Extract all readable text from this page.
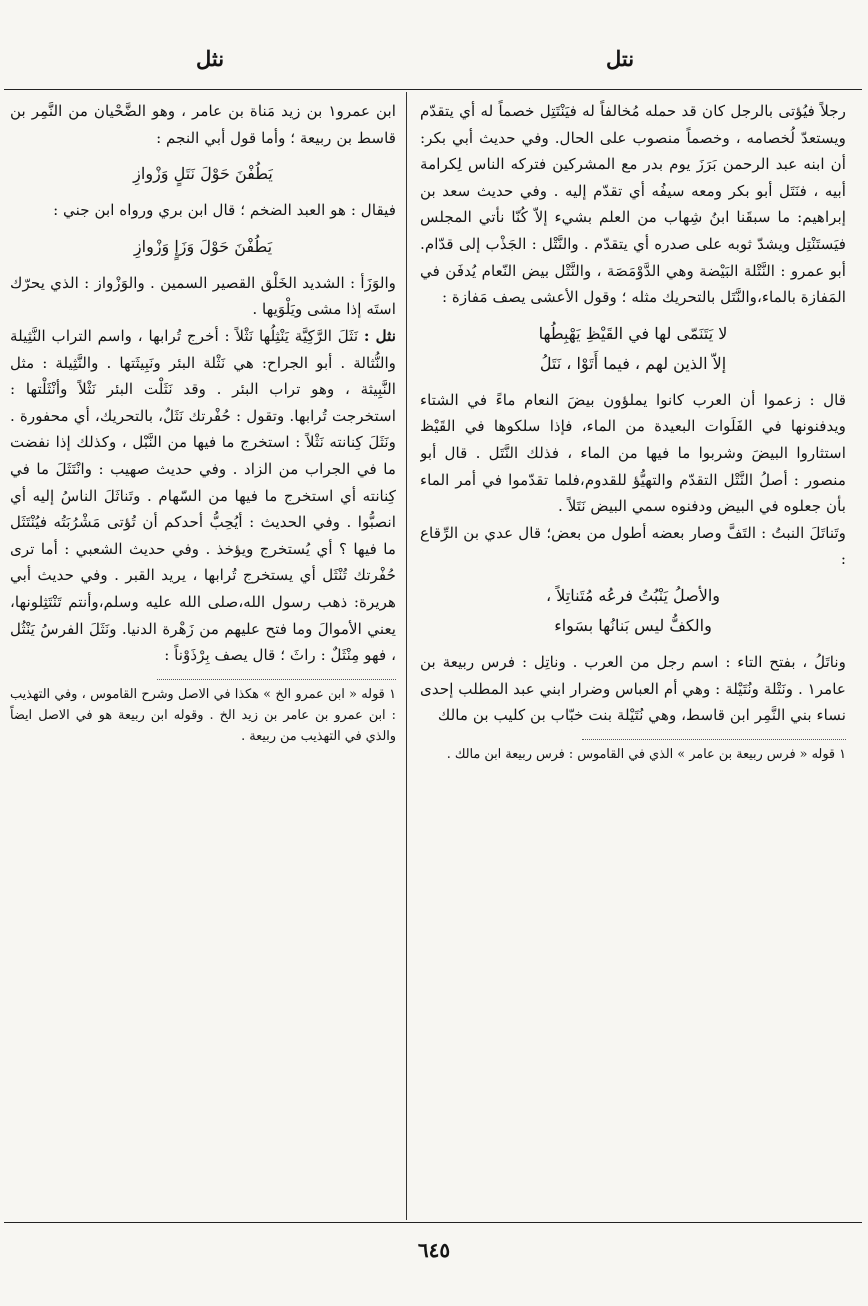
نتل
نثل

رجلاً فيُؤتى بالرجل كان قد حمله مُخالفاً له فيَنْتَتِل خصماً له أي يتقدّم ويستعدّ لُخصامه ، وخصماً منصوب على الحال. وفي حديث أبي بكر: أن ابنه عبد الرحمن بَرَزَ يوم بدر مع المشركين فتركه الناس لِكرامة أبيه ، فنَتَل أبو بكر ومعه سيفُه أي تقدّم إليه . وفي حديث سعد بن إبراهيم: ما سبقَنا ابنُ شِهاب من العلم بشيء إلاّ كُنّا نأتي المجلس فيَستَنْتِل ويشدّ ثوبه على صدره أي يتقدّم . والنَّتْل : الجَذْب إلى قدّام. أبو عمرو : النَّتْلة البَيْضة وهي الدَّوْمَصَة ، والنَّتْل بيض النّعام يُدفَن في المَفازة بالماء،والنَّتَل بالتحريك مثله ؛ وقول الأعشى يصف مَفازة :

لا يَتَنَمّى لها في القَيْظِ يَهْبِطُها
إلاّ الذين لهم ، فيما أَتَوْا ، نَتَلُ

قال : زعموا أن العرب كانوا يملؤون بيضَ النعام ماءً في الشتاء ويدفنونها في الفَلَوات البعيدة من الماء، فإذا سلكوها في القَيْظ استثاروا البيضَ وشربوا ما فيها من الماء ، فذلك النَّتَل . قال أبو منصور : أصلُ النَّتْل التقدّم والتهيُّؤ للقدوم،فلما تقدّموا في أمر الماء بأن جعلوه في البيض ودفنوه سمي البيض نَتَلاً .

وتَناتَلَ النبتُ : التَفَّ وصار بعضه أطول من بعض؛ قال عدي بن الرِّقاع :

والأصلُ يَنْبُتُ فرعُه مُتَناتِلاً ،
والكفُّ ليس بَنانُها بسَواء

وناتَلُ ، بفتح التاء : اسم رجل من العرب . وناتِل : فرس ربيعة بن عامر١ . ونَتْلة ونُتَيْلة : وهي أم العباس وضرار ابني عبد المطلب إحدى نساء بني النَّمِر ابن قاسط، وهي نُتَيْلة بنت خبّاب بن كليب بن مالك

١ قوله « فرس ربيعة بن عامر » الذي في القاموس : فرس ربيعة ابن مالك .

ابن عمرو١ بن زيد مَناة بن عامر ، وهو الضَّحْيان من النَّمِر بن قاسط بن ربيعة ؛ وأما قول أبي النجم :

يَطُفْنَ حَوْلَ نَتَلٍ وَزْوازِ

فيقال : هو العبد الضخم ؛ قال ابن بري ورواه ابن جني :

يَطُفْنَ حَوْلَ وَزَإٍ وَزْوازِ

والوَزَأ : الشديد الخَلْق القصير السمين . والوَزْواز : الذي يحرّك استَه إذا مشى ويَلْوَيها .

نثل : نَثَلَ الرَّكِيَّة يَنْثِلُها نَثْلاً : أخرج تُرابها ، واسم التراب النَّثِيلة والنُّثالة . أبو الجراح: هي نَثْلة البئر ونَبِيثَتها . والنَّثِيلة : مثل النَّبِيثة ، وهو تراب البئر . وقد نَثَلْت البئر نَثْلاً وأنْثَلْتها : استخرجت تُرابها. وتقول : حُفْرتك نَثَلٌ، بالتحريك، أي محفورة . ونَثَلَ كِنانته نَثْلاً : استخرج ما فيها من النَّبْل ، وكذلك إذا نفضت ما في الجراب من الزاد . وفي حديث صهيب : وانْتَثَلَ ما في كِنانته أي استخرج ما فيها من السّهام . وتَناثَلَ الناسُ إليه أي انصبُّوا . وفي الحديث : أيُحِبُّ أحدكم أن تُؤتى مَشْرُبَتُه فيُنْتَثَل ما فيها ؟ أي يُستخرج ويؤخذ . وفي حديث الشعبي : أما ترى حُفْرتك تُنْثَل أي يستخرج تُرابها ، يريد القبر . وفي حديث أبي هريرة: ذهب رسول الله،صلى الله عليه وسلم،وأنتم تَنْتَثِلونها، يعني الأموالَ وما فتح عليهم من زَهْرة الدنيا. ونَثَلَ الفرسُ يَنْثُل ، فهو مِنْثَلٌ : راثَ ؛ قال يصف بِرْذَوْناً :

١ قوله « ابن عمرو الخ » هكذا في الاصل وشرح القاموس ، وفي التهذيب : ابن عمرو بن عامر بن زيد الخ . وقوله ابن ربيعة هو في الاصل ايضاً والذي في التهذيب من ربيعة .

٦٤٥
